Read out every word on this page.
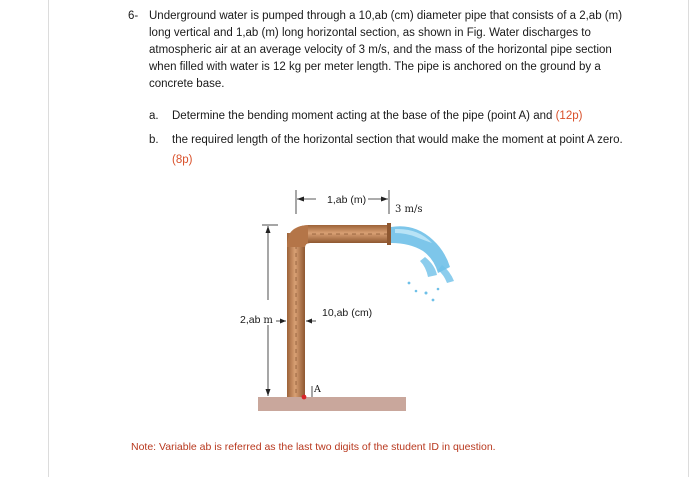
6- Underground water is pumped through a 10,ab (cm) diameter pipe that consists of a 2,ab (m) long vertical and 1,ab (m) long horizontal section, as shown in Fig. Water discharges to atmospheric air at an average velocity of 3 m/s, and the mass of the horizontal pipe section when filled with water is 12 kg per meter length. The pipe is anchored on the ground by a concrete base.
a. Determine the bending moment acting at the base of the pipe (point A) and (12p)
b. the required length of the horizontal section that would make the moment at point A zero.
(8p)
1,ab (m)
3 m/s
2,ab m
10,ab (cm)
A
Note: Variable ab is referred as the last two digits of the student ID in question.
